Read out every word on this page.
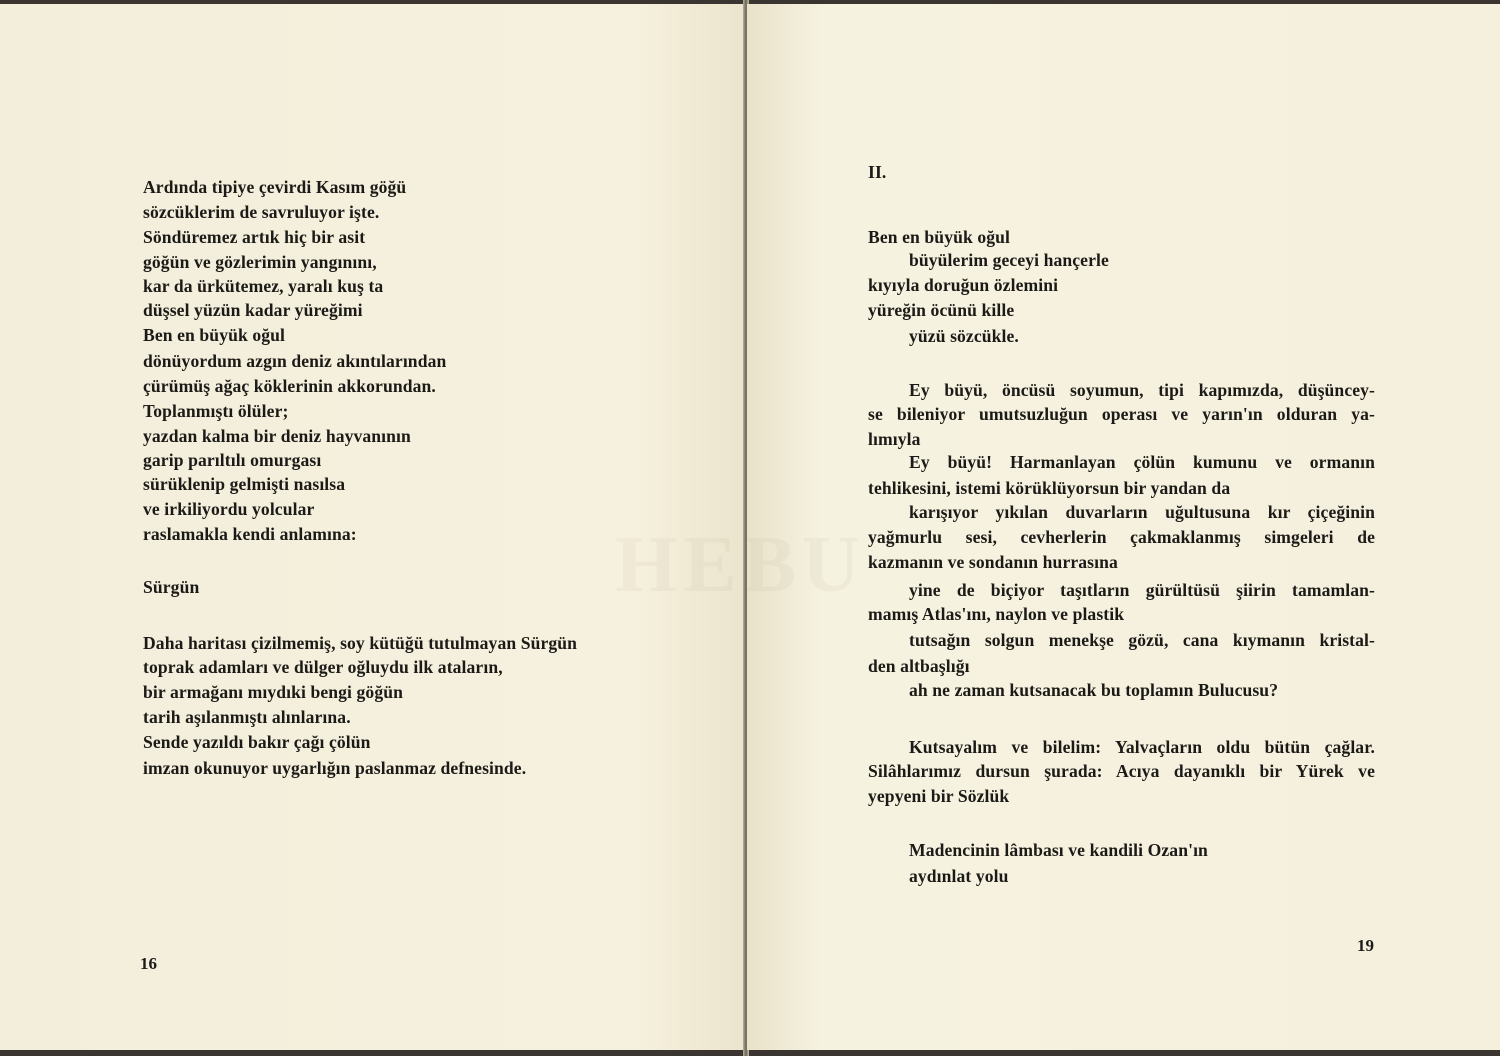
Ardında tipiye çevirdi Kasım göğü
sözcüklerim de savruluyor işte.
Söndüremez artık hiç bir asit
göğün ve gözlerimin yangınını,
kar da ürkütemez, yaralı kuş ta
düşsel yüzün kadar yüreğimi
Ben en büyük oğul
dönüyordum azgın deniz akıntılarından
çürümüş ağaç köklerinin akkorundan.
Toplanmıştı ölüler;
yazdan kalma bir deniz hayvanının
garip parıltılı omurgası
sürüklenip gelmişti nasılsa
ve irkiliyordu yolcular
raslamakla kendi anlamına:
Sürgün
Daha haritası çizilmemiş, soy kütüğü tutulmayan Sürgün
toprak adamları ve dülger oğluydu ilk ataların,
bir armağanı mıydıki bengi göğün
tarih aşılanmıştı alınlarına.
Sende yazıldı bakır çağı çölün
imzan okunuyor uygarlığın paslanmaz defnesinde.
16
II.
Ben en büyük oğul
büyülerim geceyi hançerle
kıyıyla doruğun özlemini
yüreğin öcünü kille
yüzü sözcükle.
Ey büyü, öncüsü soyumun, tipi kapımızda, düşüncey-
se bileniyor umutsuzluğun operası ve yarın'ın olduran ya-
lımıyla
Ey büyü! Harmanlayan çölün kumunu ve ormanın
tehlikesini, istemi körüklüyorsun bir yandan da
karışıyor yıkılan duvarların uğultusuna kır çiçeğinin
yağmurlu sesi, cevherlerin çakmaklanmış simgeleri de
kazmanın ve sondanın hurrasına
yine de biçiyor taşıtların gürültüsü şiirin tamamlan-
mamış Atlas'ını, naylon ve plastik
tutsağın solgun menekşe gözü, cana kıymanın kristal-
den altbaşlığı
ah ne zaman kutsanacak bu toplamın Bulucusu?
Kutsayalım ve bilelim: Yalvaçların oldu bütün çağlar.
Silâhlarımız dursun şurada: Acıya dayanıklı bir Yürek ve
yepyeni bir Sözlük
Madencinin lâmbası ve kandili Ozan'ın
aydınlat yolu
19
HEBU
